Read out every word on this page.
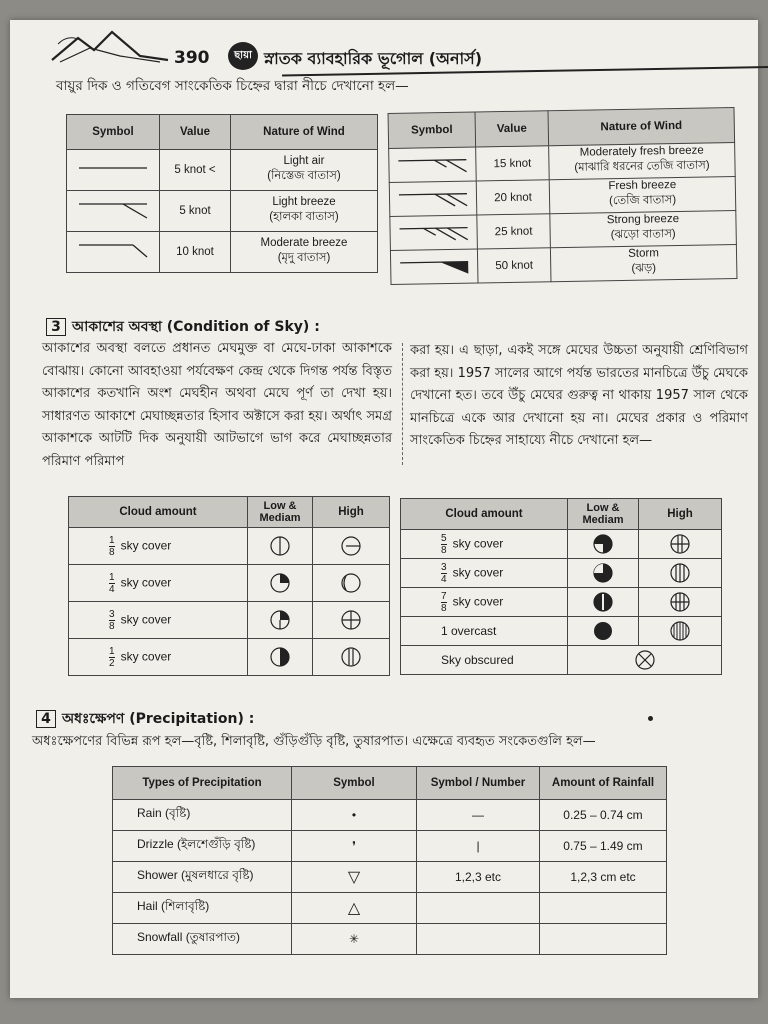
390	ছায়া স্নাতক ব্যাবহারিক ভূগোল (অনার্স)
বায়ুর দিক ও গতিবেগ সাংকেতিক চিহ্নের দ্বারা নীচে দেখানো হল—
Symbol	Value	Nature of Wind

	5 knot <	Light air
(নিস্তেজ বাতাস)

	5 knot	Light breeze
(হালকা বাতাস)

	10 knot	Moderate breeze
(মৃদু বাতাস)
Symbol	Value	Nature of Wind

	15 knot	Moderately fresh breeze
(মাঝারি ধরনের তেজি বাতাস)

	20 knot	Fresh breeze
(তেজি বাতাস)

	25 knot	Strong breeze
(ঝড়ো বাতাস)

	50 knot	Storm
(ঝড়)
3 আকাশের অবস্থা (Condition of Sky) :
আকাশের অবস্থা বলতে প্রধানত মেঘমুক্ত বা মেঘে-ঢাকা আকাশকে বোঝায়। কোনো আবহাওয়া পর্যবেক্ষণ কেন্দ্র থেকে দিগন্ত পর্যন্ত বিস্তৃত আকাশের কতখানি অংশ মেঘহীন অথবা মেঘে পূর্ণ তা দেখা হয়। সাধারণত আকাশে মেঘাচ্ছন্নতার হিসাব অক্টাসে করা হয়। অর্থাৎ সমগ্র আকাশকে আটটি দিক অনুযায়ী আটভাগে ভাগ করে মেঘাচ্ছন্নতার পরিমাণ পরিমাপ
করা হয়। এ ছাড়া, একই সঙ্গে মেঘের উচ্চতা অনুযায়ী শ্রেণিবিভাগ করা হয়। 1957 সালের আগে পর্যন্ত ভারতের মানচিত্রে উঁচু মেঘকে দেখানো হত। তবে উঁচু মেঘের গুরুত্ব না থাকায় 1957 সাল থেকে মানচিত্রে একে আর দেখানো হয় না। মেঘের প্রকার ও পরিমাণ সাংকেতিক চিহ্নের সাহায্যে নীচে দেখানো হল—
Cloud amount	Low & Mediam	High

$\frac{1}{8}$ sky cover	

$\frac{1}{4}$ sky cover	

$\frac{3}{8}$ sky cover	

$\frac{1}{2}$ sky cover	

Cloud amount	Low & Mediam	High

$\frac{5}{8}$ sky cover	

$\frac{3}{4}$ sky cover	

$\frac{7}{8}$ sky cover	

1 overcast	

Sky obscured	
4 অধঃক্ষেপণ (Precipitation) :
অধঃক্ষেপণের বিভিন্ন রূপ হল—বৃষ্টি, শিলাবৃষ্টি, গুঁড়িগুঁড়ি বৃষ্টি, তুষারপাত। এক্ষেত্রে ব্যবহৃত সংকেতগুলি হল—
Types of Precipitation	Symbol	Symbol / Number	Amount of Rainfall
Rain (বৃষ্টি)	•	—	0.25 – 0.74 cm
Drizzle (ইলশেগুঁড়ি বৃষ্টি)	❜	|	0.75 – 1.49 cm
Shower (মুষলধারে বৃষ্টি)	▽	1,2,3 etc	1,2,3 cm etc
Hail (শিলাবৃষ্টি)	△		
Snowfall (তুষারপাত)	✳		
